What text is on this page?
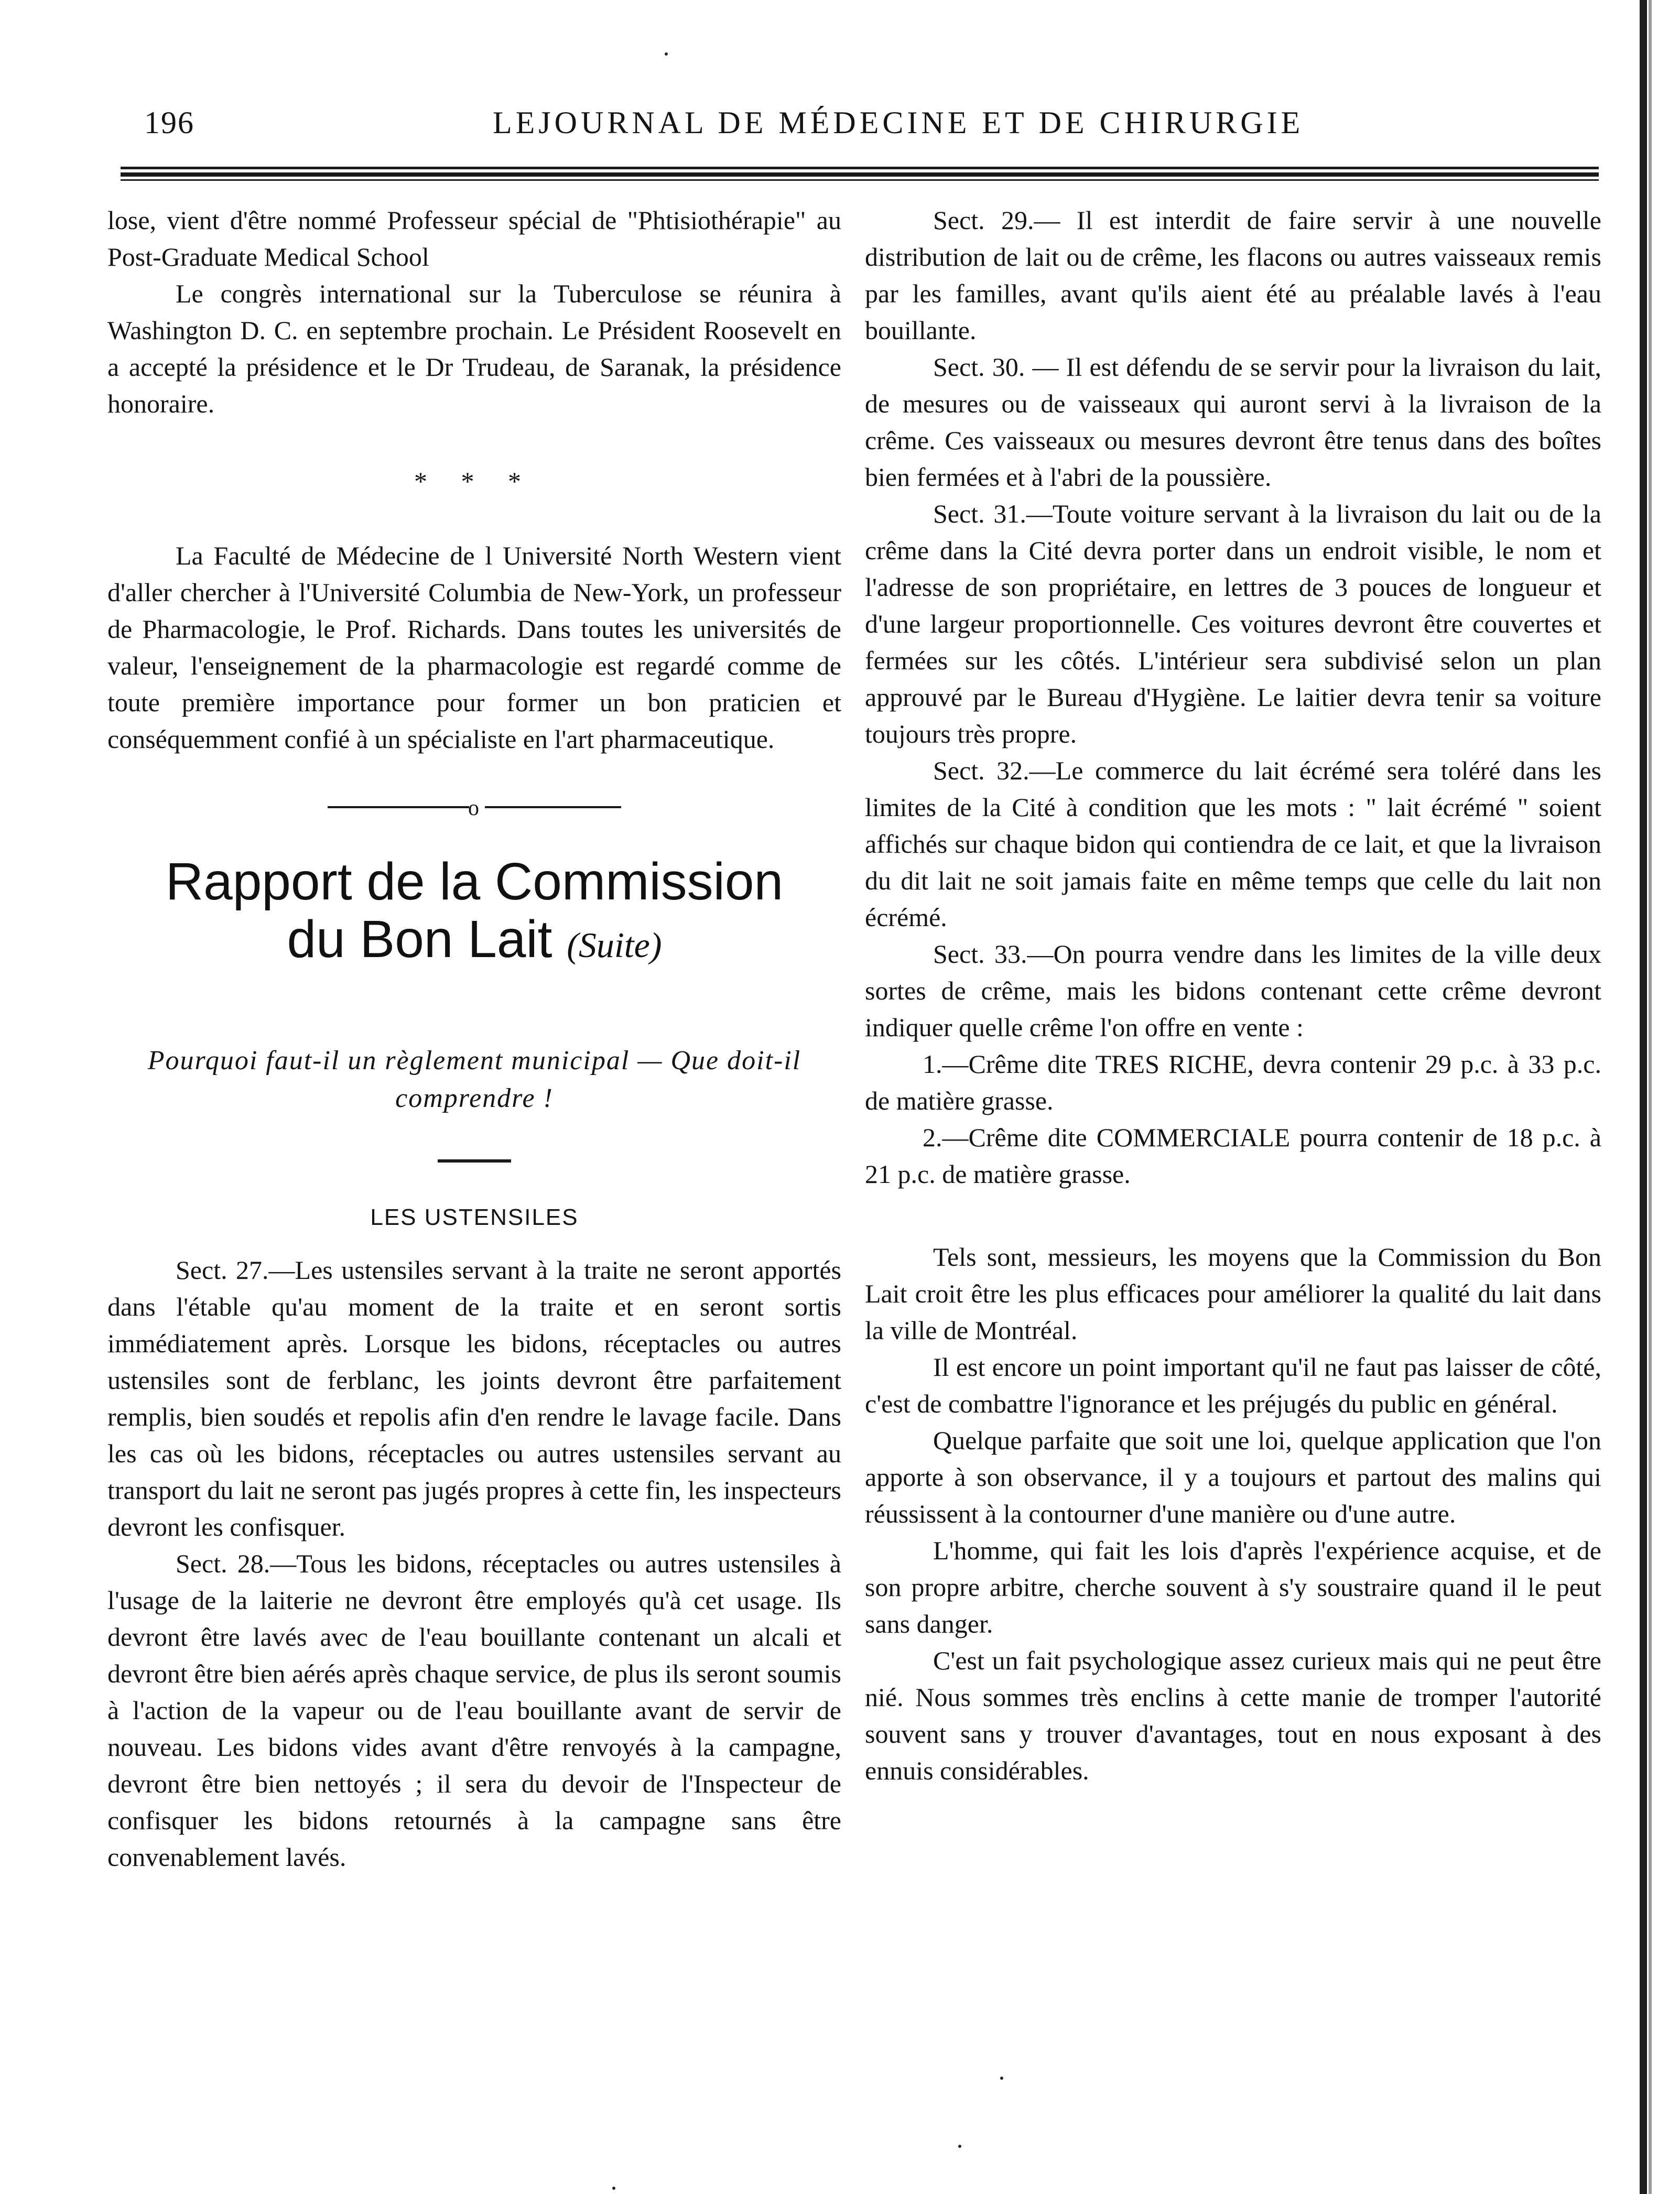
196	LEJOURNAL DE MÉDECINE ET DE CHIRURGIE

lose, vient d'être nommé Professeur spécial de "Phtisiothérapie" au Post-Graduate Medical School

Le congrès international sur la Tuberculose se réunira à Washington D. C. en septembre prochain. Le Président Roosevelt en a accepté la présidence et le Dr Trudeau, de Saranak, la présidence honoraire.

* * *

La Faculté de Médecine de l Université North Western vient d'aller chercher à l'Université Columbia de New-York, un professeur de Pharmacologie, le Prof. Richards. Dans toutes les universités de valeur, l'enseignement de la pharmacologie est regardé comme de toute première importance pour former un bon praticien et conséquemment confié à un spécialiste en l'art pharmaceutique.

o

Rapport de la Commission
du Bon Lait (Suite)

Pourquoi faut-il un règlement municipal — Que doit-il comprendre !

LES USTENSILES

Sect. 27.—Les ustensiles servant à la traite ne seront apportés dans l'étable qu'au moment de la traite et en seront sortis immédiatement après. Lorsque les bidons, réceptacles ou autres ustensiles sont de ferblanc, les joints devront être parfaitement remplis, bien soudés et repolis afin d'en rendre le lavage facile. Dans les cas où les bidons, réceptacles ou autres ustensiles servant au transport du lait ne seront pas jugés propres à cette fin, les inspecteurs devront les confisquer.

Sect. 28.—Tous les bidons, réceptacles ou autres ustensiles à l'usage de la laiterie ne devront être employés qu'à cet usage. Ils devront être lavés avec de l'eau bouillante contenant un alcali et devront être bien aérés après chaque service, de plus ils seront soumis à l'action de la vapeur ou de l'eau bouillante avant de servir de nouveau. Les bidons vides avant d'être renvoyés à la campagne, devront être bien nettoyés ; il sera du devoir de l'Inspecteur de confisquer les bidons retournés à la campagne sans être convenablement lavés.

Sect. 29.— Il est interdit de faire servir à une nouvelle distribution de lait ou de crême, les flacons ou autres vaisseaux remis par les familles, avant qu'ils aient été au préalable lavés à l'eau bouillante.

Sect. 30. — Il est défendu de se servir pour la livraison du lait, de mesures ou de vaisseaux qui auront servi à la livraison de la crême. Ces vaisseaux ou mesures devront être tenus dans des boîtes bien fermées et à l'abri de la poussière.

Sect. 31.—Toute voiture servant à la livraison du lait ou de la crême dans la Cité devra porter dans un endroit visible, le nom et l'adresse de son propriétaire, en lettres de 3 pouces de longueur et d'une largeur proportionnelle. Ces voitures devront être couvertes et fermées sur les côtés. L'intérieur sera subdivisé selon un plan approuvé par le Bureau d'Hygiène. Le laitier devra tenir sa voiture toujours très propre.

Sect. 32.—Le commerce du lait écrémé sera toléré dans les limites de la Cité à condition que les mots : " lait écrémé " soient affichés sur chaque bidon qui contiendra de ce lait, et que la livraison du dit lait ne soit jamais faite en même temps que celle du lait non écrémé.

Sect. 33.—On pourra vendre dans les limites de la ville deux sortes de crême, mais les bidons contenant cette crême devront indiquer quelle crême l'on offre en vente :

1.—Crême dite TRES RICHE, devra contenir 29 p.c. à 33 p.c. de matière grasse.

2.—Crême dite COMMERCIALE pourra contenir de 18 p.c. à 21 p.c. de matière grasse.

Tels sont, messieurs, les moyens que la Commission du Bon Lait croit être les plus efficaces pour améliorer la qualité du lait dans la ville de Montréal.

Il est encore un point important qu'il ne faut pas laisser de côté, c'est de combattre l'ignorance et les préjugés du public en général.

Quelque parfaite que soit une loi, quelque application que l'on apporte à son observance, il y a toujours et partout des malins qui réussissent à la contourner d'une manière ou d'une autre.

L'homme, qui fait les lois d'après l'expérience acquise, et de son propre arbitre, cherche souvent à s'y soustraire quand il le peut sans danger.

C'est un fait psychologique assez curieux mais qui ne peut être nié. Nous sommes très enclins à cette manie de tromper l'autorité souvent sans y trouver d'avantages, tout en nous exposant à des ennuis considérables.
